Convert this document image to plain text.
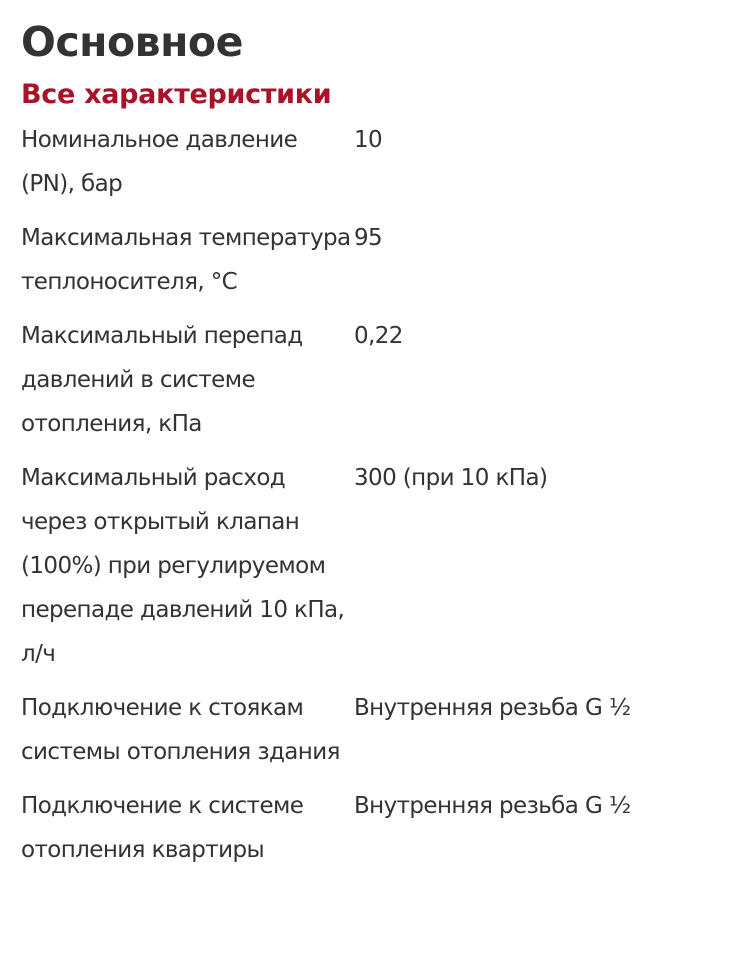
Основное
Все характеристики
Номинальное давление (PN), бар
10
Максимальная температура теплоносителя, °C
95
Максимальный перепад давлений в системе отопления, кПа
0,22
Максимальный расход через открытый клапан (100%) при регулируемом перепаде давлений 10 кПа, л/ч
300 (при 10 кПа)
Подключение к стоякам системы отопления здания
Внутренняя резьба G ½
Подключение к системе отопления квартиры
Внутренняя резьба G ½
